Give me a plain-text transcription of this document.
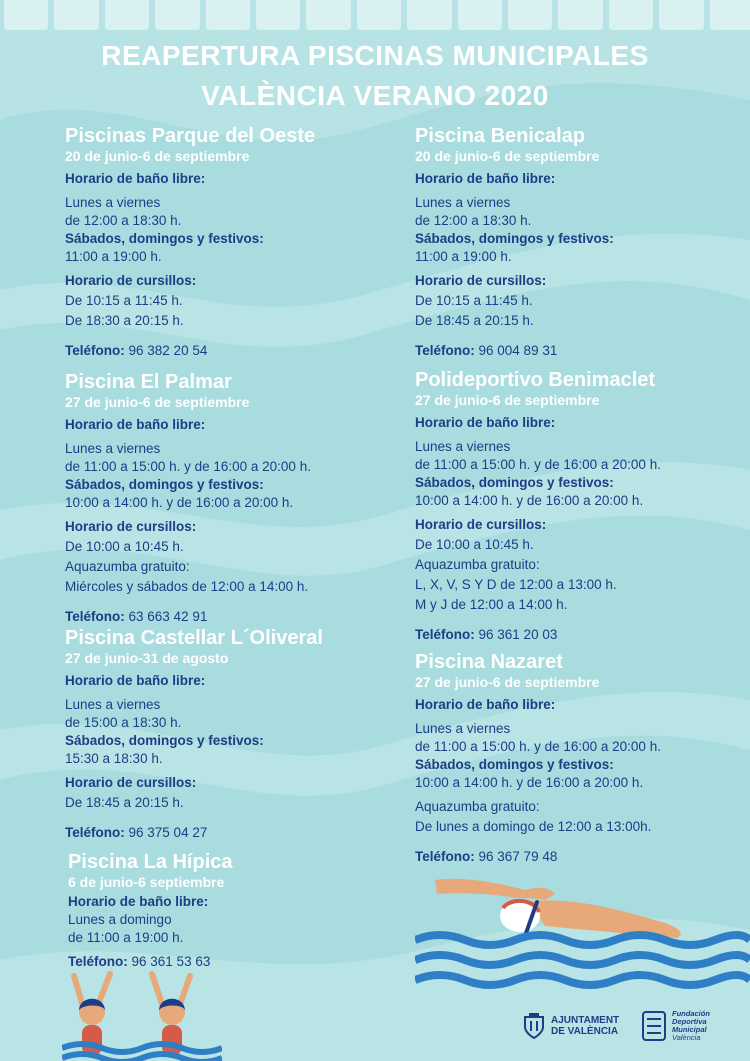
REAPERTURA PISCINAS MUNICIPALES
VALÈNCIA VERANO 2020
Piscinas Parque del Oeste
20 de junio-6 de septiembre
Horario de baño libre:
Lunes a viernes
de 12:00 a 18:30 h.
Sábados, domingos y festivos:
11:00 a 19:00 h.
Horario de cursillos:
De 10:15 a 11:45 h.
De 18:30 a 20:15 h.
Teléfono: 96 382 20 54
Piscina Benicalap
20 de junio-6 de septiembre
Horario de baño libre:
Lunes a viernes
de 12:00 a 18:30 h.
Sábados, domingos y festivos:
11:00 a 19:00 h.
Horario de cursillos:
De 10:15 a 11:45 h.
De 18:45 a 20:15 h.
Teléfono: 96 004 89 31
Piscina El Palmar
27 de junio-6 de septiembre
Horario de baño libre:
Lunes a viernes
de 11:00 a 15:00 h. y de 16:00 a 20:00 h.
Sábados, domingos y festivos:
10:00 a 14:00 h. y de 16:00 a 20:00 h.
Horario de cursillos:
De 10:00 a 10:45 h.
Aquazumba gratuito:
Miércoles y sábados de 12:00 a 14:00 h.
Teléfono: 63 663 42 91
Polideportivo Benimaclet
27 de junio-6 de septiembre
Horario de baño libre:
Lunes a viernes
de 11:00 a 15:00 h. y de 16:00 a 20:00 h.
Sábados, domingos y festivos:
10:00 a 14:00 h. y de 16:00 a 20:00 h.
Horario de cursillos:
De 10:00 a 10:45 h.
Aquazumba gratuito:
L, X, V, S Y D de 12:00 a 13:00 h.
M y J de 12:00 a 14:00 h.
Teléfono: 96 361 20 03
Piscina Castellar L´Oliveral
27 de junio-31 de agosto
Horario de baño libre:
Lunes a viernes
de 15:00 a 18:30 h.
Sábados, domingos y festivos:
15:30 a 18:30 h.
Horario de cursillos:
De 18:45 a 20:15 h.
Teléfono: 96 375 04 27
Piscina Nazaret
27 de junio-6 de septiembre
Horario de baño libre:
Lunes a viernes
de 11:00 a 15:00 h. y de 16:00 a 20:00 h.
Sábados, domingos y festivos:
10:00 a 14:00 h. y de 16:00 a 20:00 h.
Aquazumba gratuito:
De lunes a domingo de 12:00 a 13:00h.
Teléfono: 96 367 79 48
Piscina La Hípica
6 de junio-6 septiembre
Horario de baño libre:
Lunes a domingo
de 11:00 a 19:00 h.
Teléfono: 96 361 53 63
AJUNTAMENT
DE VALÈNCIA
Fundación
Deportiva
Municipal
València
